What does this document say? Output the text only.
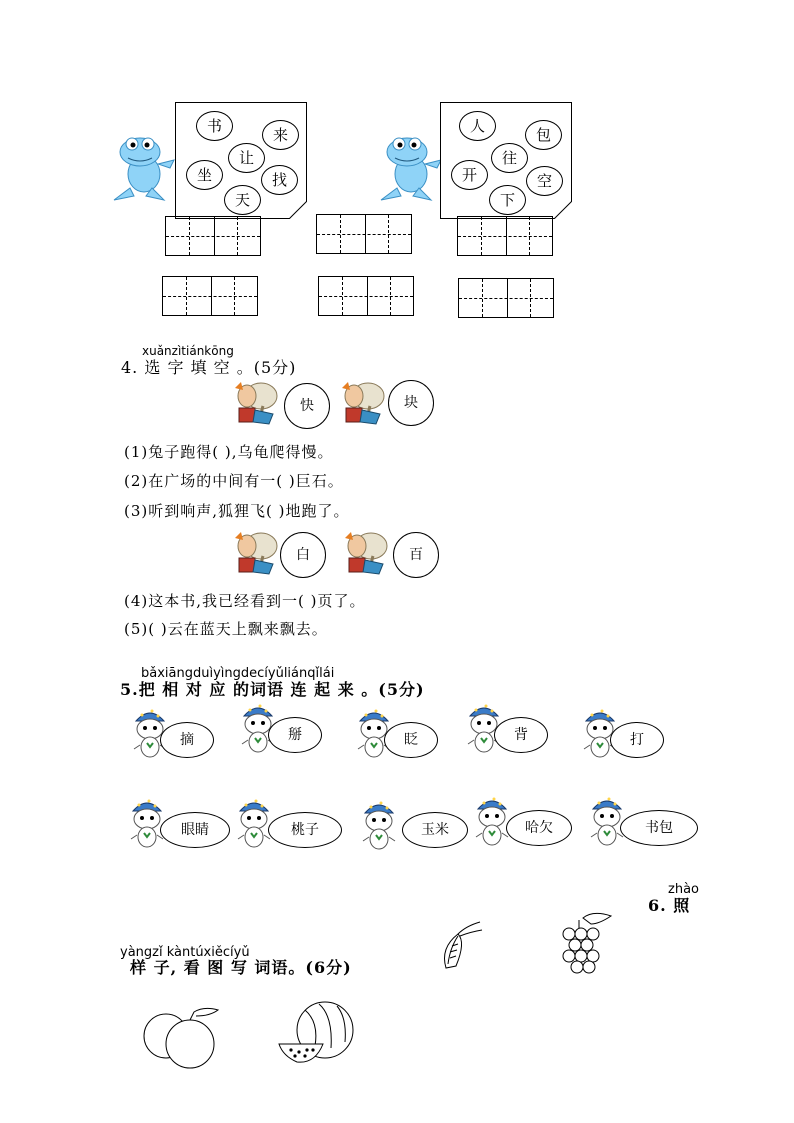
书	来
让
坐	找
天
人	包
往
开	空
下
xuǎnzìtiánkōng
4. 选 字 填 空 。(5分)
快	块
(1)兔子跑得( ),乌龟爬得慢。
(2)在广场的中间有一( )巨石。
(3)听到响声,狐狸飞( )地跑了。
白	百
(4)这本书,我已经看到一( )页了。
(5)( )云在蓝天上飘来飘去。
bǎxiāngduìyìngdecíyǔliánqǐlái
5.把 相 对 应 的词语 连 起 来 。(5分)
摘	掰	眨	背	打
眼睛	桃子	玉米	哈欠	书包
zhào
6. 照
yàngzǐ kàntúxiěcíyǔ
样 子, 看 图 写 词语。(6分)
